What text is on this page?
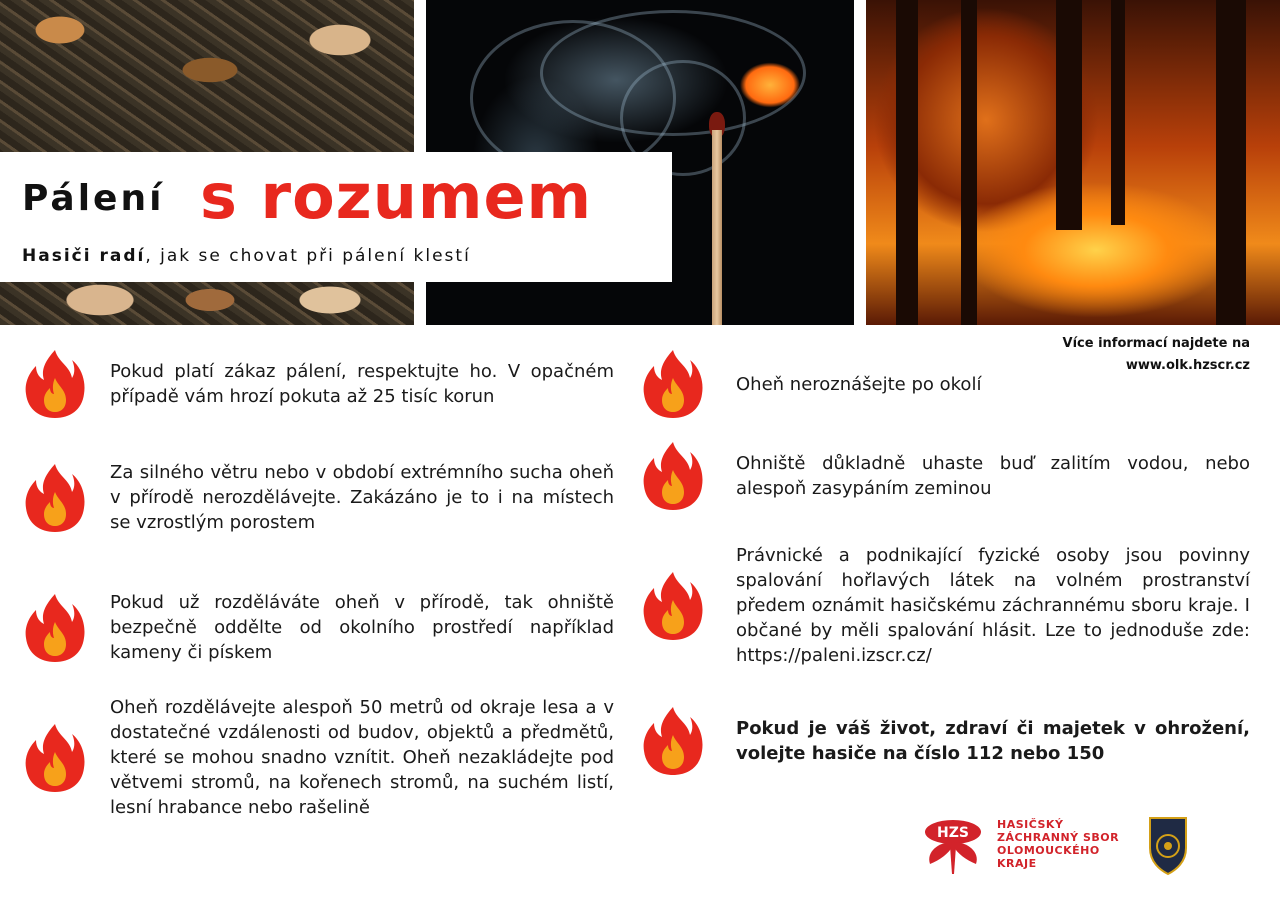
Pálení s rozumem
Hasiči radí, jak se chovat při pálení klestí
Více informací najdete na
www.olk.hzscr.cz
Pokud platí zákaz pálení, respektujte ho. V opačném případě vám hrozí pokuta až 25 tisíc korun
Za silného větru nebo v období extrémního sucha oheň v přírodě nerozdělávejte. Zakázáno je to i na místech se vzrostlým porostem
Pokud už rozděláváte oheň v přírodě, tak ohniště bezpečně oddělte od okolního prostředí například kameny či pískem
Oheň rozdělávejte alespoň 50 metrů od okraje lesa a v dostatečné vzdálenosti od budov, objektů a předmětů, které se mohou snadno vznítit. Oheň nezakládejte pod větvemi stromů, na kořenech stromů, na suchém listí, lesní hrabance nebo rašelině
Oheň neroznášejte po okolí
Ohniště důkladně uhaste buď zalitím vodou, nebo alespoň zasypáním zeminou
Právnické a podnikající fyzické osoby jsou povinny spalování hořlavých látek na volném prostranství předem oznámit hasičskému záchrannému sboru kraje. I občané by měli spalování hlásit. Lze to jednoduše zde: https://paleni.izscr.cz/
Pokud je váš život, zdraví či majetek v ohrožení, volejte hasiče na číslo 112 nebo 150
HZS
HASIČSKÝ
ZÁCHRANNÝ SBOR
OLOMOUCKÉHO
KRAJE
